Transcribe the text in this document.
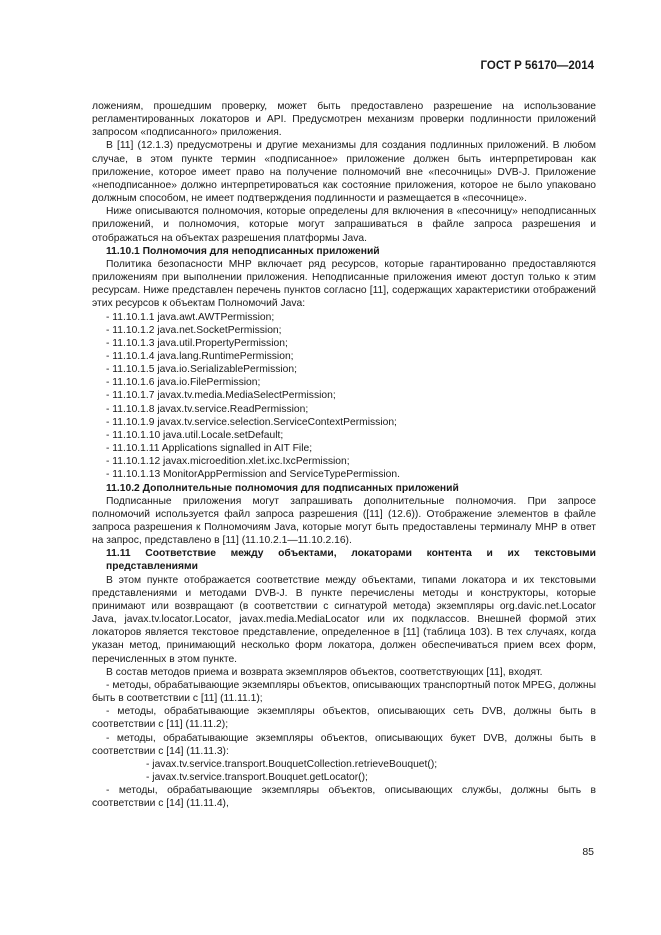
ГОСТ Р 56170—2014

ложениям, прошедшим проверку, может быть предоставлено разрешение на использование регламентированных локаторов и API. Предусмотрен механизм проверки подлинности приложений запросом «подписанного» приложения.

В [11] (12.1.3) предусмотрены и другие механизмы для создания подлинных приложений. В любом случае, в этом пункте термин «подписанное» приложение должен быть интерпретирован как приложение, которое имеет право на получение полномочий вне «песочницы» DVB-J. Приложение «неподписанное» должно интерпретироваться как состояние приложения, которое не было упаковано должным способом, не имеет подтверждения подлинности и размещается в «песочнице».

Ниже описываются полномочия, которые определены для включения в «песочницу» неподписанных приложений, и полномочия, которые могут запрашиваться в файле запроса разрешения и отображаться на объектах разрешения платформы Java.

11.10.1 Полномочия для неподписанных приложений

Политика безопасности MHP включает ряд ресурсов, которые гарантированно предоставляются приложениям при выполнении приложения. Неподписанные приложения имеют доступ только к этим ресурсам. Ниже представлен перечень пунктов согласно [11], содержащих характеристики отображений этих ресурсов к объектам Полномочий Java:

- 11.10.1.1 java.awt.AWTPermission;
- 11.10.1.2 java.net.SocketPermission;
- 11.10.1.3 java.util.PropertyPermission;
- 11.10.1.4 java.lang.RuntimePermission;
- 11.10.1.5 java.io.SerializablePermission;
- 11.10.1.6 java.io.FilePermission;
- 11.10.1.7 javax.tv.media.MediaSelectPermission;
- 11.10.1.8 javax.tv.service.ReadPermission;
- 11.10.1.9 javax.tv.service.selection.ServiceContextPermission;
- 11.10.1.10 java.util.Locale.setDefault;
- 11.10.1.11 Applications signalled in AIT File;
- 11.10.1.12 javax.microedition.xlet.ixc.IxcPermission;
- 11.10.1.13 MonitorAppPermission and ServiceTypePermission.

11.10.2 Дополнительные полномочия для подписанных приложений

Подписанные приложения могут запрашивать дополнительные полномочия. При запросе полномочий используется файл запроса разрешения ([11] (12.6)). Отображение элементов в файле запроса разрешения к Полномочиям Java, которые могут быть предоставлены терминалу MHP в ответ на запрос, представлено в [11] (11.10.2.1—11.10.2.16).

11.11 Соответствие между объектами, локаторами контента и их текстовыми представлениями

В этом пункте отображается соответствие между объектами, типами локатора и их текстовыми представлениями и методами DVB-J. В пункте перечислены методы и конструкторы, которые принимают или возвращают (в соответствии с сигнатурой метода) экземпляры org.davic.net.Locator Java, javax.tv.locator.Locator, javax.media.MediaLocator или их подклассов. Внешней формой этих локаторов является текстовое представление, определенное в [11] (таблица 103). В тех случаях, когда указан метод, принимающий несколько форм локатора, должен обеспечиваться прием всех форм, перечисленных в этом пункте.

В состав методов приема и возврата экземпляров объектов, соответствующих [11], входят.

- методы, обрабатывающие экземпляры объектов, описывающих транспортный поток MPEG, должны быть в соответствии с [11] (11.11.1);

- методы, обрабатывающие экземпляры объектов, описывающих сеть DVB, должны быть в соответствии с [11] (11.11.2);

- методы, обрабатывающие экземпляры объектов, описывающих букет DVB, должны быть в соответствии с [14] (11.11.3):

- javax.tv.service.transport.BouquetCollection.retrieveBouquet();
- javax.tv.service.transport.Bouquet.getLocator();

- методы, обрабатывающие экземпляры объектов, описывающих службы, должны быть в соответствии с [14] (11.11.4),

85
